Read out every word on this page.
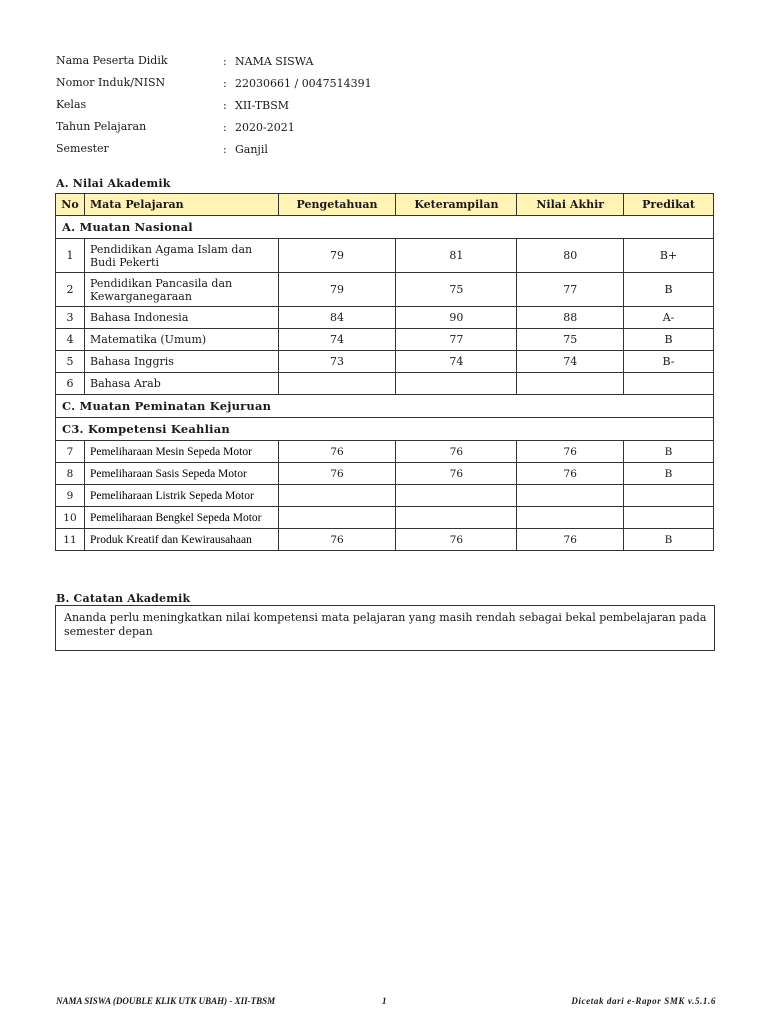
Nama Peserta Didik	: NAMA SISWA
Nomor Induk/NISN	: 22030661 / 0047514391
Kelas	: XII-TBSM
Tahun Pelajaran	: 2020-2021
Semester	: Ganjil
A. Nilai Akademik
No	Mata Pelajaran	Pengetahuan	Keterampilan	Nilai Akhir	Predikat
A. Muatan Nasional					
1	Pendidikan Agama Islam dan Budi Pekerti	79	81	80	B+
2	Pendidikan Pancasila dan Kewarganegaraan	79	75	77	B
3	Bahasa Indonesia	84	90	88	A-
4	Matematika (Umum)	74	77	75	B
5	Bahasa Inggris	73	74	74	B-
6	Bahasa Arab				
C. Muatan Peminatan Kejuruan					
C3. Kompetensi Keahlian					
7	Pemeliharaan Mesin Sepeda Motor	76	76	76	B
8	Pemeliharaan Sasis Sepeda Motor	76	76	76	B
9	Pemeliharaan Listrik Sepeda Motor				
10	Pemeliharaan Bengkel Sepeda Motor				
11	Produk Kreatif dan Kewirausahaan	76	76	76	B
B. Catatan Akademik
Ananda perlu meningkatkan nilai kompetensi mata pelajaran yang masih rendah sebagai bekal pembelajaran pada semester depan
NAMA SISWA (DOUBLE KLIK UTK UBAH) - XII-TBSM	1	Dicetak dari e-Rapor SMK v.5.1.6
